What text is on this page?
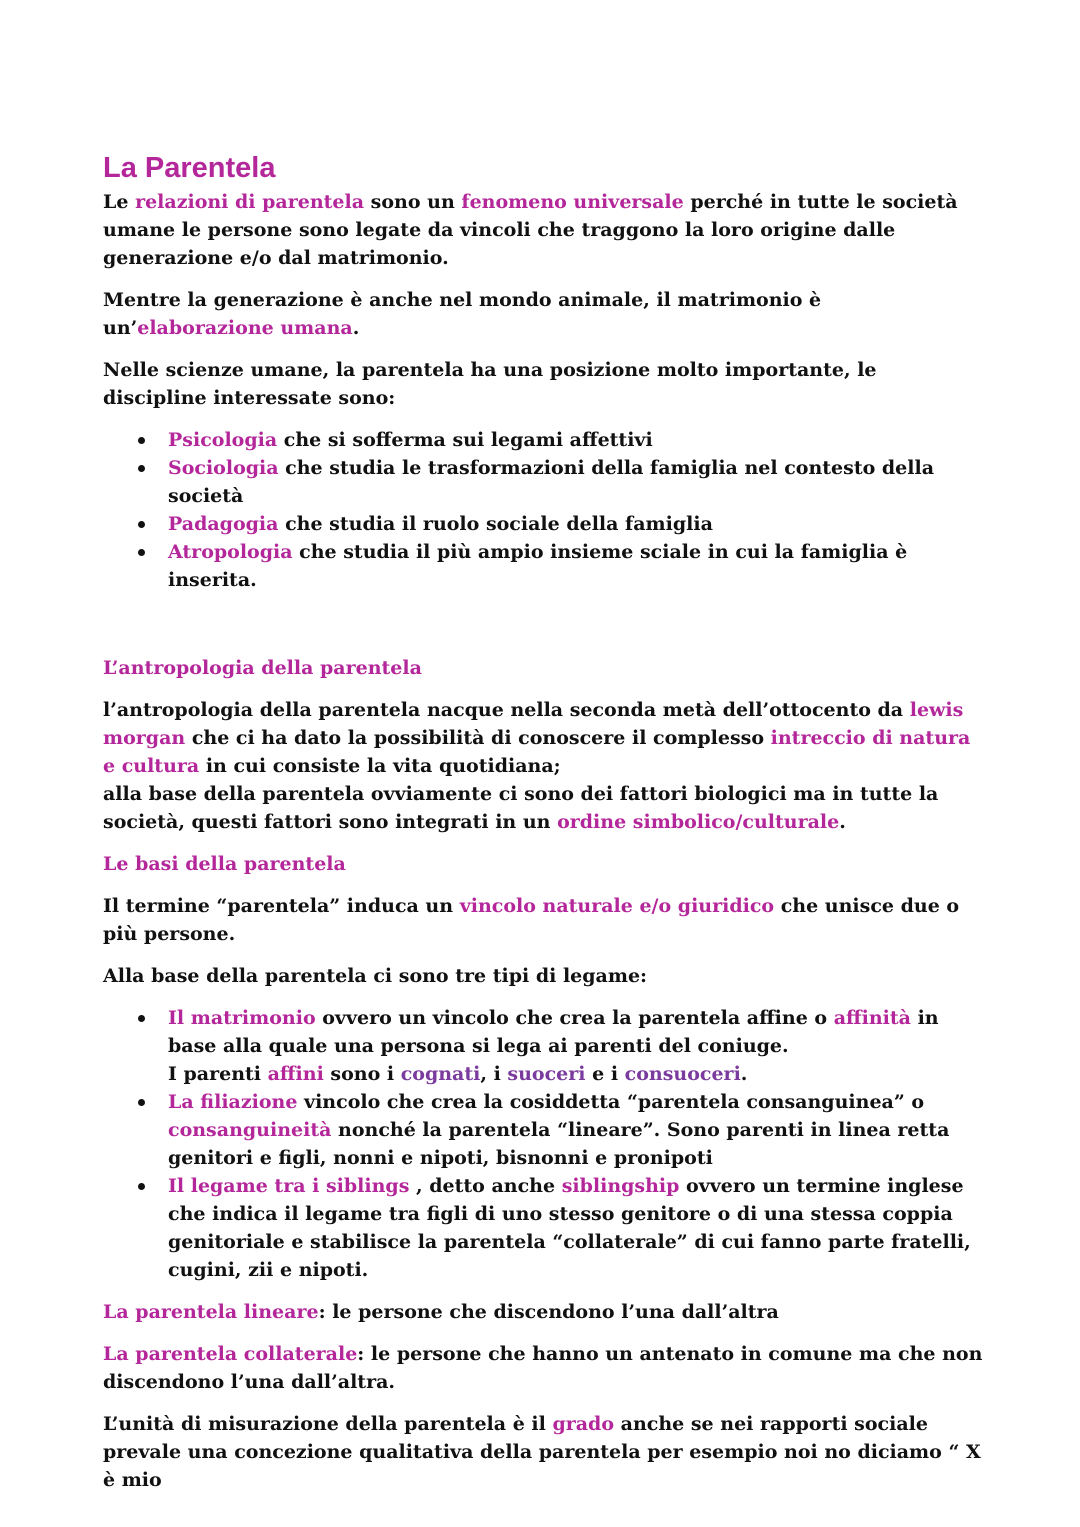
La Parentela

Le relazioni di parentela sono un fenomeno universale perché in tutte le società umane le persone sono legate da vincoli che traggono la loro origine dalle generazione e/o dal matrimonio.

Mentre la generazione è anche nel mondo animale, il matrimonio è un’elaborazione umana.

Nelle scienze umane, la parentela ha una posizione molto importante, le discipline interessate sono:

Psicologia che si sofferma sui legami affettivi
Sociologia che studia le trasformazioni della famiglia nel contesto della società
Padagogia che studia il ruolo sociale della famiglia
Atropologia che studia il più ampio insieme sciale in cui la famiglia è inserita.
L’antropologia della parentela

l’antropologia della parentela nacque nella seconda metà dell’ottocento da lewis morgan che ci ha dato la possibilità di conoscere il complesso intreccio di natura e cultura in cui consiste la vita quotidiana;

alla base della parentela ovviamente ci sono dei fattori biologici ma in tutte la società, questi fattori sono integrati in un ordine simbolico/culturale.

Le basi della parentela

Il termine “parentela” induca un vincolo naturale e/o giuridico che unisce due o più persone.

Alla base della parentela ci sono tre tipi di legame:

Il matrimonio ovvero un vincolo che crea la parentela affine o affinità in base alla quale una persona si lega ai parenti del coniuge.
I parenti affini sono i cognati, i suoceri e i consuoceri.
La filiazione vincolo che crea la cosiddetta “parentela consanguinea” o consanguineità nonché la parentela “lineare”. Sono parenti in linea retta genitori e figli, nonni e nipoti, bisnonni e pronipoti
Il legame tra i siblings , detto anche siblingship ovvero un termine inglese che indica il legame tra figli di uno stesso genitore o di una stessa coppia genitoriale e stabilisce la parentela “collaterale” di cui fanno parte fratelli, cugini, zii e nipoti.

La parentela lineare: le persone che discendono l’una dall’altra

La parentela collaterale: le persone che hanno un antenato in comune ma che non discendono l’una dall’altra.

L’unità di misurazione della parentela è il grado anche se nei rapporti sociale prevale una concezione qualitativa della parentela per esempio noi no diciamo “ X è mio
